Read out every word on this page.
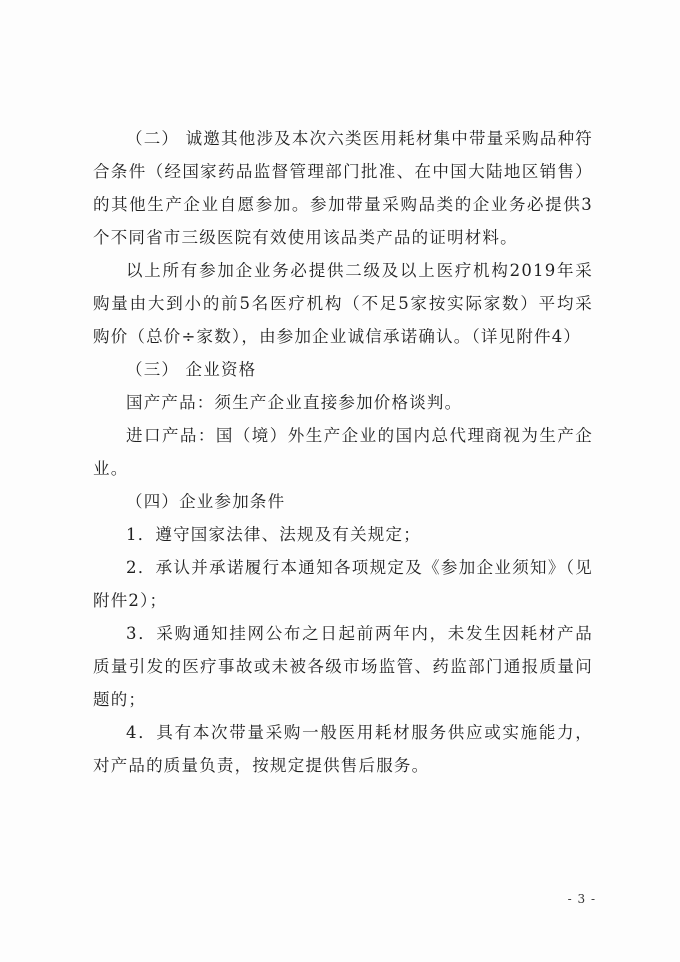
（二） 诚邀其他涉及本次六类医用耗材集中带量采购品种符合条件（经国家药品监督管理部门批准、在中国大陆地区销售）的其他生产企业自愿参加。参加带量采购品类的企业务必提供3个不同省市三级医院有效使用该品类产品的证明材料。

以上所有参加企业务必提供二级及以上医疗机构2019年采购量由大到小的前5名医疗机构（不足5家按实际家数）平均采购价（总价÷家数），由参加企业诚信承诺确认。（详见附件4）

（三） 企业资格

国产产品：须生产企业直接参加价格谈判。

进口产品：国（境）外生产企业的国内总代理商视为生产企业。

（四）企业参加条件

1．遵守国家法律、法规及有关规定；

2．承认并承诺履行本通知各项规定及《参加企业须知》（见附件2）；

3．采购通知挂网公布之日起前两年内，未发生因耗材产品质量引发的医疗事故或未被各级市场监管、药监部门通报质量问题的；

4．具有本次带量采购一般医用耗材服务供应或实施能力，对产品的质量负责，按规定提供售后服务。

- 3 -
